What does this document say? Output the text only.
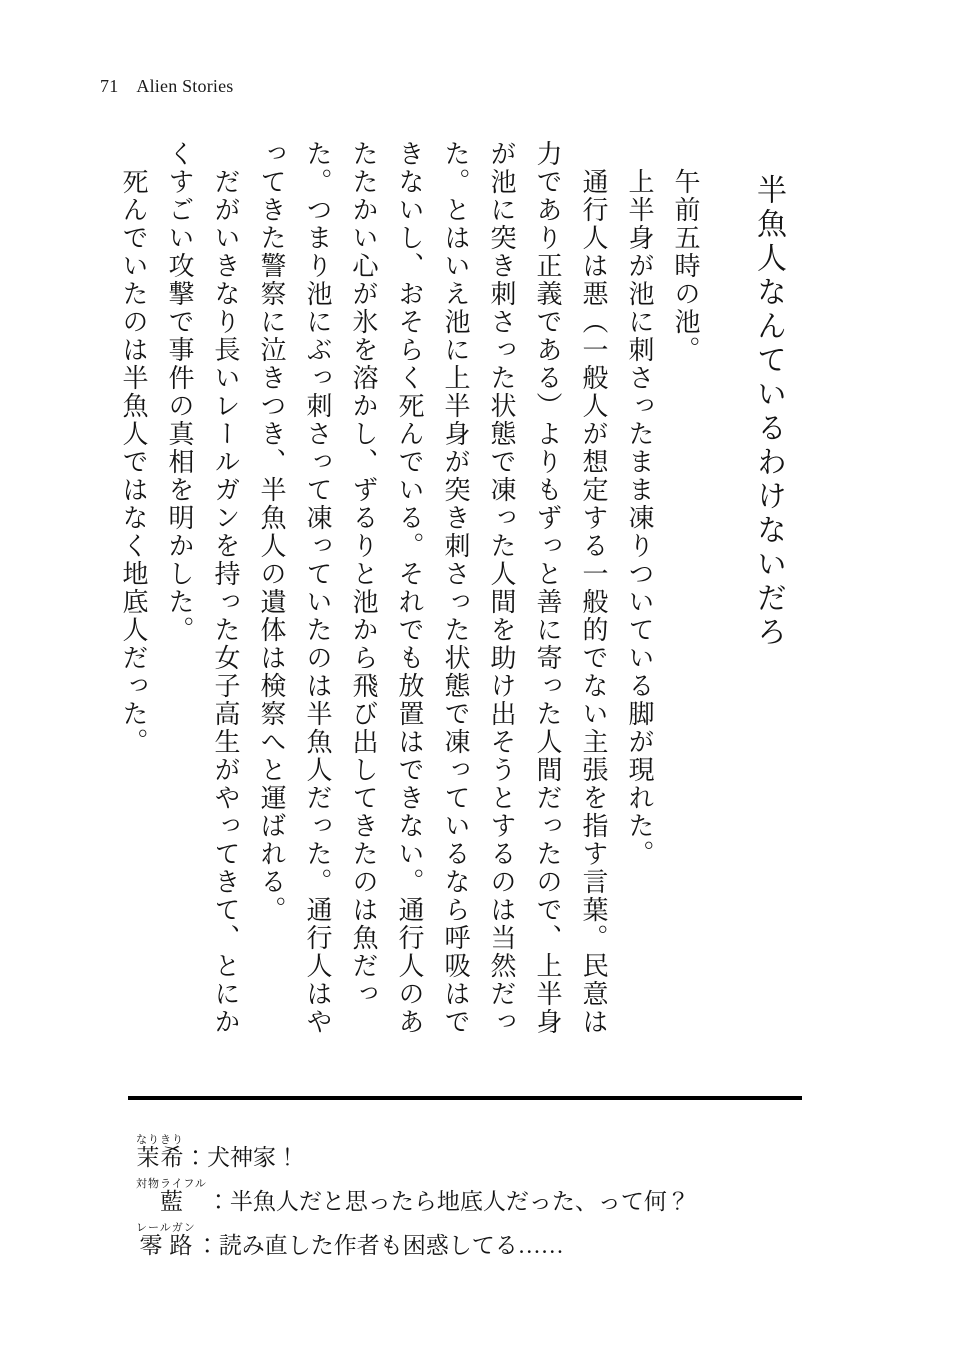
71 Alien Stories
半魚人なんているわけないだろ

午前五時の池。

上半身が池に刺さったまま凍りついている脚が現れた。

通行人は悪（一般人が想定する一般的でない主張を指す言葉。民意は力であり正義である）よりもずっと善に寄った人間だったので、上半身が池に突き刺さった状態で凍った人間を助け出そうとするのは当然だった。とはいえ池に上半身が突き刺さった状態で凍っているなら呼吸はできないし、おそらく死んでいる。それでも放置はできない。通行人のあたたかい心が氷を溶かし、ずるりと池から飛び出してきたのは魚だった。つまり池にぶっ刺さって凍っていたのは半魚人だった。通行人はやってきた警察に泣きつき、半魚人の遺体は検察へと運ばれる。

だがいきなり長いレールガンを持った女子高生がやってきて、とにかくすごい攻撃で事件の真相を明かした。

死んでいたのは半魚人ではなく地底人だった。

茉希なりきり
：犬神家！
藍対物ライフル
：半魚人だと思ったら地底人だった、って何？
零路レールガン
：読み直した作者も困惑してる……
